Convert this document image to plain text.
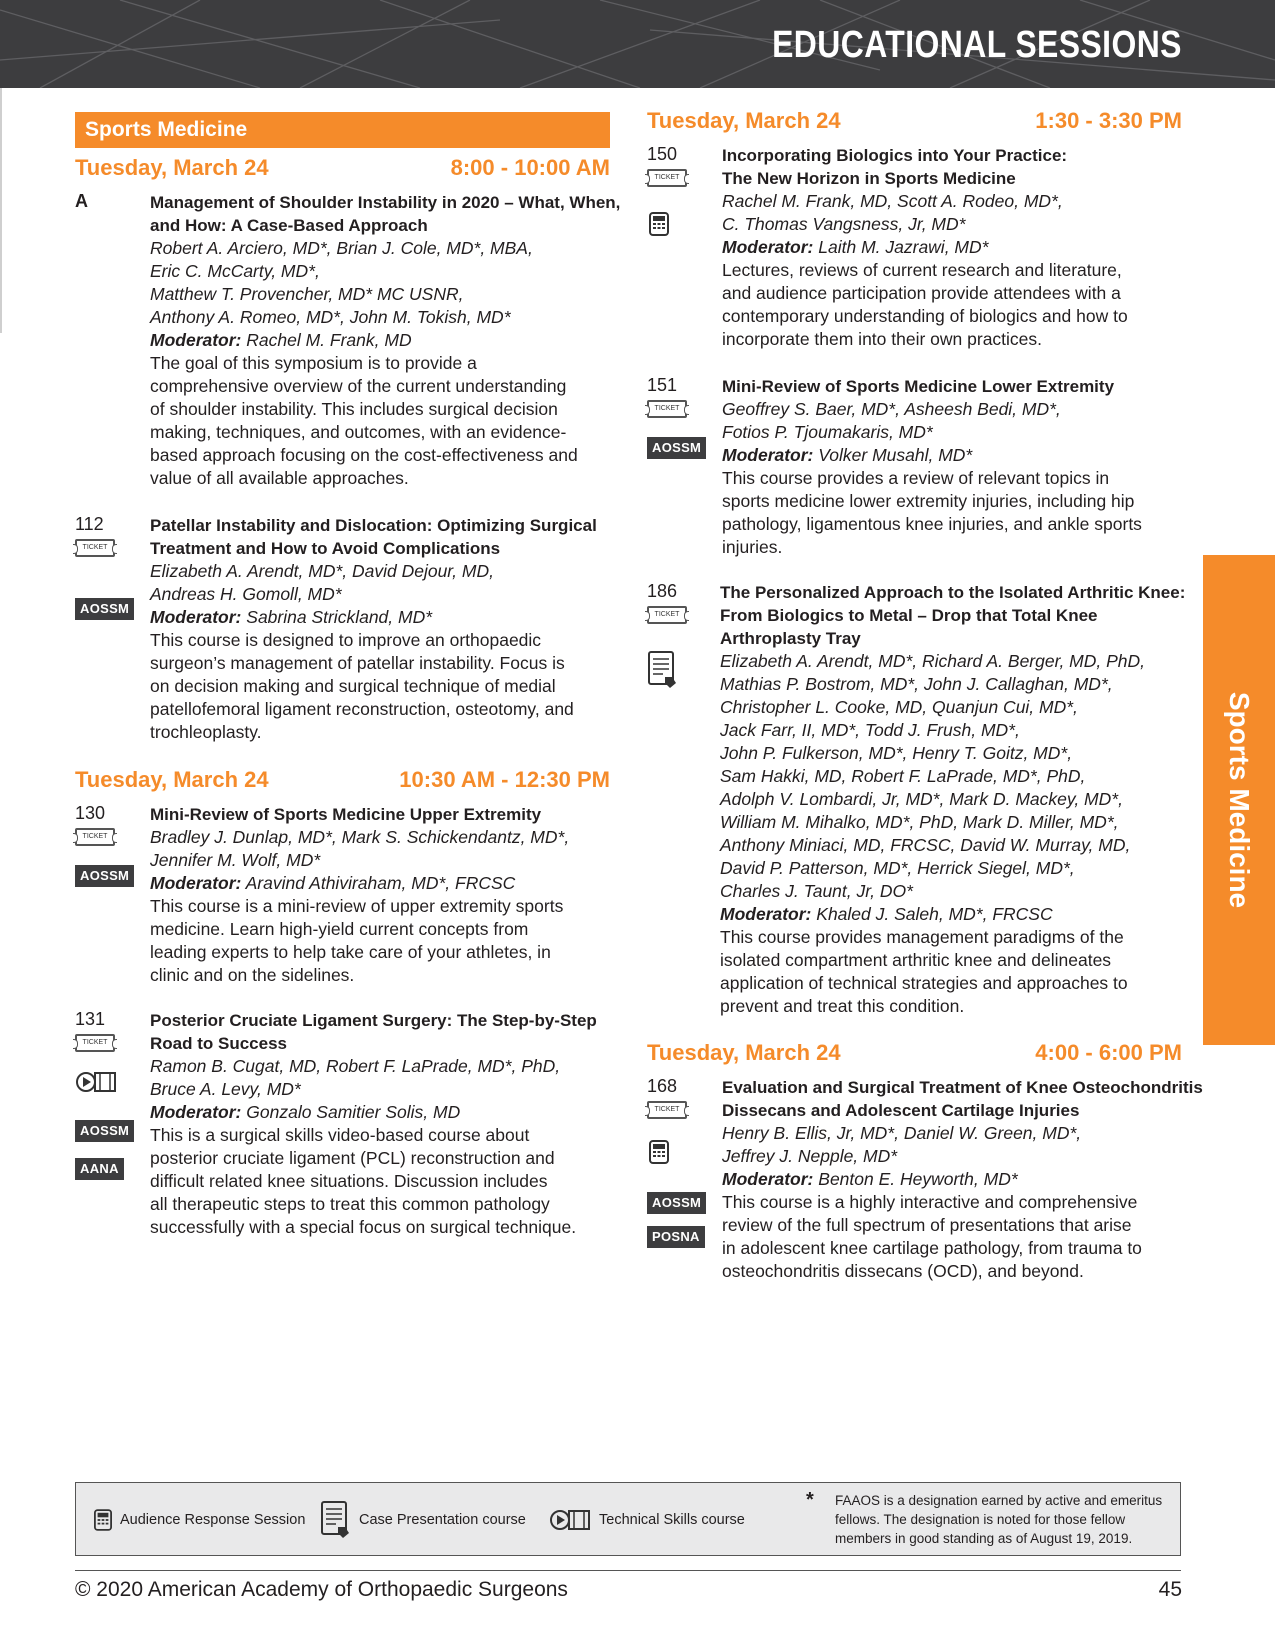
EDUCATIONAL SESSIONS
Sports Medicine
Tuesday, March 24	8:00 - 10:00 AM
A	Management of Shoulder Instability in 2020 – What, When,
and How: A Case-Based Approach
Robert A. Arciero, MD*, Brian J. Cole, MD*, MBA,
Eric C. McCarty, MD*,
Matthew T. Provencher, MD* MC USNR,
Anthony A. Romeo, MD*, John M. Tokish, MD*
Moderator: Rachel M. Frank, MD
The goal of this symposium is to provide a
comprehensive overview of the current understanding
of shoulder instability. This includes surgical decision
making, techniques, and outcomes, with an evidence-
based approach focusing on the cost-effectiveness and
value of all available approaches.
112
TICKET
AOSSM
Patellar Instability and Dislocation: Optimizing Surgical
Treatment and How to Avoid Complications
Elizabeth A. Arendt, MD*, David Dejour, MD,
Andreas H. Gomoll, MD*
Moderator: Sabrina Strickland, MD*
This course is designed to improve an orthopaedic
surgeon’s management of patellar instability. Focus is
on decision making and surgical technique of medial
patellofemoral ligament reconstruction, osteotomy, and
trochleoplasty.
Tuesday, March 24	10:30 AM - 12:30 PM
130
TICKET
AOSSM
Mini-Review of Sports Medicine Upper Extremity
Bradley J. Dunlap, MD*, Mark S. Schickendantz, MD*,
Jennifer M. Wolf, MD*
Moderator: Aravind Athiviraham, MD*, FRCSC
This course is a mini-review of upper extremity sports
medicine. Learn high-yield current concepts from
leading experts to help take care of your athletes, in
clinic and on the sidelines.
131
TICKET
AOSSM
AANA
Posterior Cruciate Ligament Surgery: The Step-by-Step
Road to Success
Ramon B. Cugat, MD, Robert F. LaPrade, MD*, PhD,
Bruce A. Levy, MD*
Moderator: Gonzalo Samitier Solis, MD
This is a surgical skills video-based course about
posterior cruciate ligament (PCL) reconstruction and
difficult related knee situations. Discussion includes
all therapeutic steps to treat this common pathology
successfully with a special focus on surgical technique.
Tuesday, March 24	1:30 - 3:30 PM
150
TICKET
Incorporating Biologics into Your Practice:
The New Horizon in Sports Medicine
Rachel M. Frank, MD, Scott A. Rodeo, MD*,
C. Thomas Vangsness, Jr, MD*
Moderator: Laith M. Jazrawi, MD*
Lectures, reviews of current research and literature,
and audience participation provide attendees with a
contemporary understanding of biologics and how to
incorporate them into their own practices.
151
TICKET
AOSSM
Mini-Review of Sports Medicine Lower Extremity
Geoffrey S. Baer, MD*, Asheesh Bedi, MD*,
Fotios P. Tjoumakaris, MD*
Moderator: Volker Musahl, MD*
This course provides a review of relevant topics in
sports medicine lower extremity injuries, including hip
pathology, ligamentous knee injuries, and ankle sports
injuries.
186
TICKET
The Personalized Approach to the Isolated Arthritic Knee:
From Biologics to Metal – Drop that Total Knee
Arthroplasty Tray
Elizabeth A. Arendt, MD*, Richard A. Berger, MD, PhD,
Mathias P. Bostrom, MD*, John J. Callaghan, MD*,
Christopher L. Cooke, MD, Quanjun Cui, MD*,
Jack Farr, II, MD*, Todd J. Frush, MD*,
John P. Fulkerson, MD*, Henry T. Goitz, MD*,
Sam Hakki, MD, Robert F. LaPrade, MD*, PhD,
Adolph V. Lombardi, Jr, MD*, Mark D. Mackey, MD*,
William M. Mihalko, MD*, PhD, Mark D. Miller, MD*,
Anthony Miniaci, MD, FRCSC, David W. Murray, MD,
David P. Patterson, MD*, Herrick Siegel, MD*,
Charles J. Taunt, Jr, DO*
Moderator: Khaled J. Saleh, MD*, FRCSC
This course provides management paradigms of the
isolated compartment arthritic knee and delineates
application of technical strategies and approaches to
prevent and treat this condition.
Tuesday, March 24	4:00 - 6:00 PM
168
TICKET
AOSSM
POSNA
Evaluation and Surgical Treatment of Knee Osteochondritis
Dissecans and Adolescent Cartilage Injuries
Henry B. Ellis, Jr, MD*, Daniel W. Green, MD*,
Jeffrey J. Nepple, MD*
Moderator: Benton E. Heyworth, MD*
This course is a highly interactive and comprehensive
review of the full spectrum of presentations that arise
in adolescent knee cartilage pathology, from trauma to
osteochondritis dissecans (OCD), and beyond.
Sports Medicine
Audience Response Session	Case Presentation course	Technical Skills course
* FAAOS is a designation earned by active and emeritus fellows. The designation is noted for those fellow members in good standing as of August 19, 2019.
© 2020 American Academy of Orthopaedic Surgeons	45
